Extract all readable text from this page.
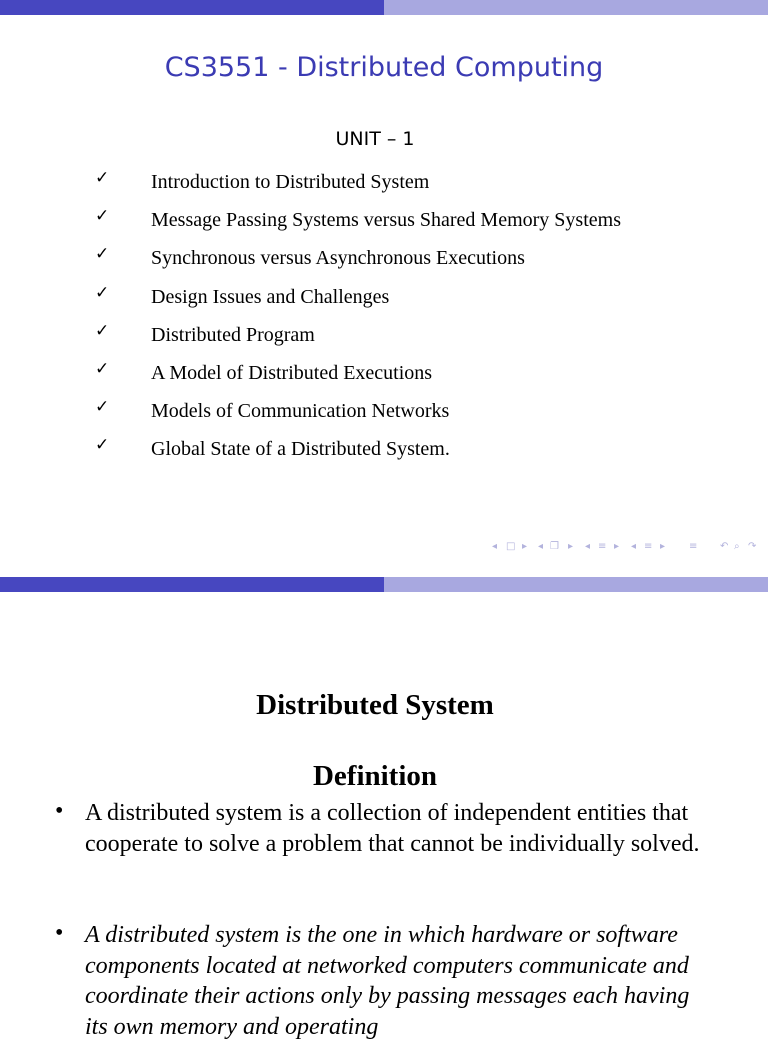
CS3551 - Distributed Computing
UNIT – 1
✓ Introduction to Distributed System
✓ Message Passing Systems versus Shared Memory Systems
✓ Synchronous versus Asynchronous Executions
✓ Design Issues and Challenges
✓ Distributed Program
✓ A Model of Distributed Executions
✓ Models of Communication Networks
✓ Global State of a Distributed System.
◂ □ ▸ ◂ ❐ ▸ ◂ ≡ ▸ ◂ ≡ ▸ ≡ ↶ ⌕ ↷
Distributed System
Definition
• A distributed system is a collection of independent entities that cooperate to solve a problem that cannot be individually solved.
• A distributed system is the one in which hardware or software components located at networked computers communicate and coordinate their actions only by passing messages each having its own memory and operating
